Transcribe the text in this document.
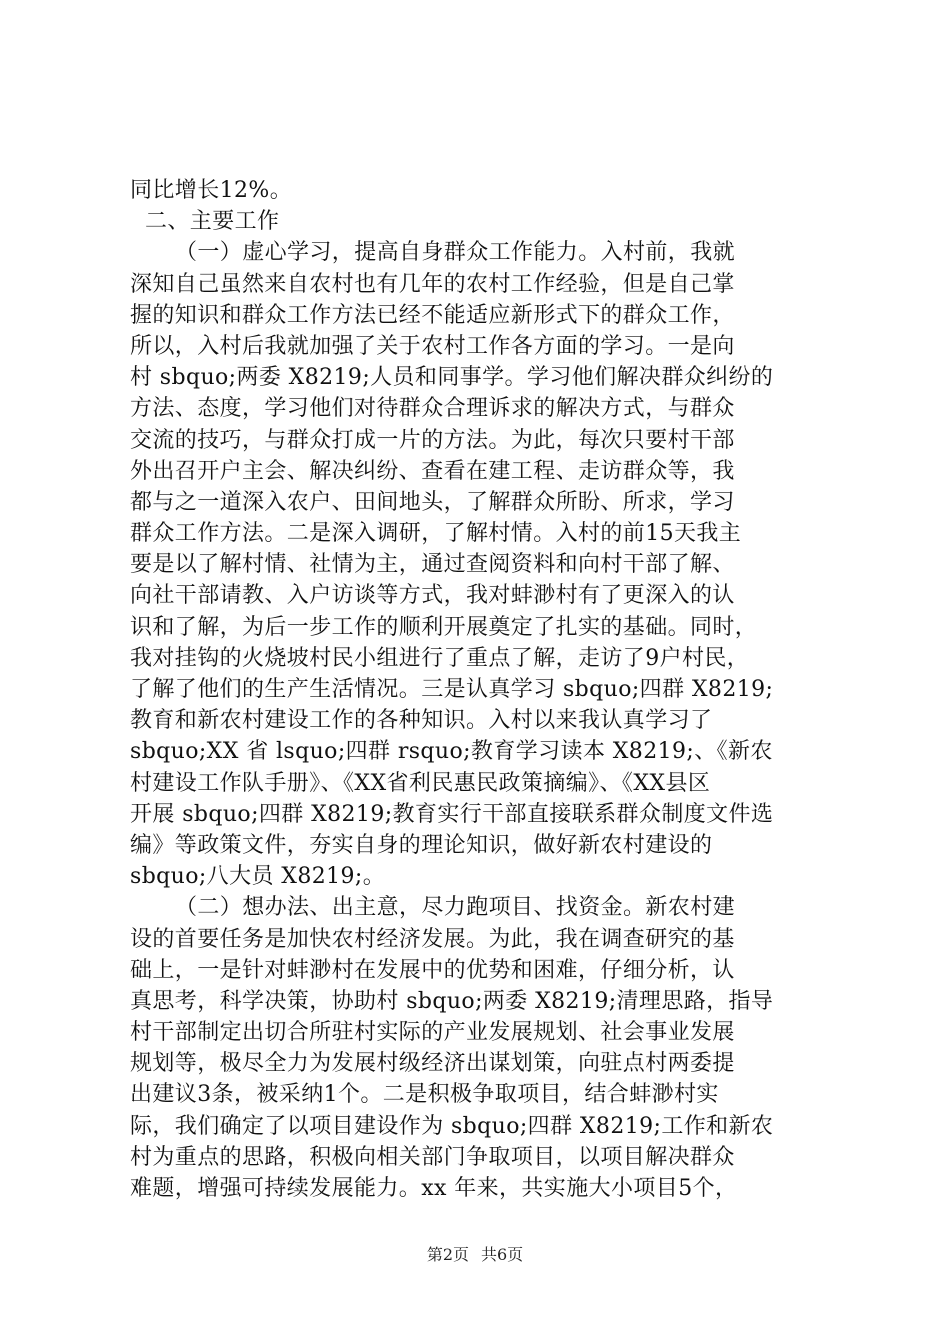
同比增长12%。
二、主要工作
（一）虚心学习，提高自身群众工作能力。入村前，我就
深知自己虽然来自农村也有几年的农村工作经验，但是自己掌
握的知识和群众工作方法已经不能适应新形式下的群众工作，
所以，入村后我就加强了关于农村工作各方面的学习。一是向
村 sbquo;两委 X8219;人员和同事学。学习他们解决群众纠纷的
方法、态度，学习他们对待群众合理诉求的解决方式，与群众
交流的技巧，与群众打成一片的方法。为此，每次只要村干部
外出召开户主会、解决纠纷、查看在建工程、走访群众等，我
都与之一道深入农户、田间地头，了解群众所盼、所求，学习
群众工作方法。二是深入调研，了解村情。入村的前15天我主
要是以了解村情、社情为主，通过查阅资料和向村干部了解、
向社干部请教、入户访谈等方式，我对蚌渺村有了更深入的认
识和了解，为后一步工作的顺利开展奠定了扎实的基础。同时，
我对挂钩的火烧坡村民小组进行了重点了解，走访了9户村民，
了解了他们的生产生活情况。三是认真学习 sbquo;四群 X8219;
教育和新农村建设工作的各种知识。入村以来我认真学习了
sbquo;XX 省 lsquo;四群 rsquo;教育学习读本 X8219;、《新农
村建设工作队手册》、《XX省利民惠民政策摘编》、《XX县区
开展 sbquo;四群 X8219;教育实行干部直接联系群众制度文件选
编》等政策文件，夯实自身的理论知识，做好新农村建设的
sbquo;八大员 X8219;。
（二）想办法、出主意，尽力跑项目、找资金。新农村建
设的首要任务是加快农村经济发展。为此，我在调查研究的基
础上，一是针对蚌渺村在发展中的优势和困难，仔细分析，认
真思考，科学决策，协助村 sbquo;两委 X8219;清理思路，指导
村干部制定出切合所驻村实际的产业发展规划、社会事业发展
规划等，极尽全力为发展村级经济出谋划策，向驻点村两委提
出建议3条，被采纳1个。二是积极争取项目，结合蚌渺村实
际，我们确定了以项目建设作为 sbquo;四群 X8219;工作和新农
村为重点的思路，积极向相关部门争取项目，以项目解决群众
难题，增强可持续发展能力。xx 年来，共实施大小项目5个，
第2页 共6页
